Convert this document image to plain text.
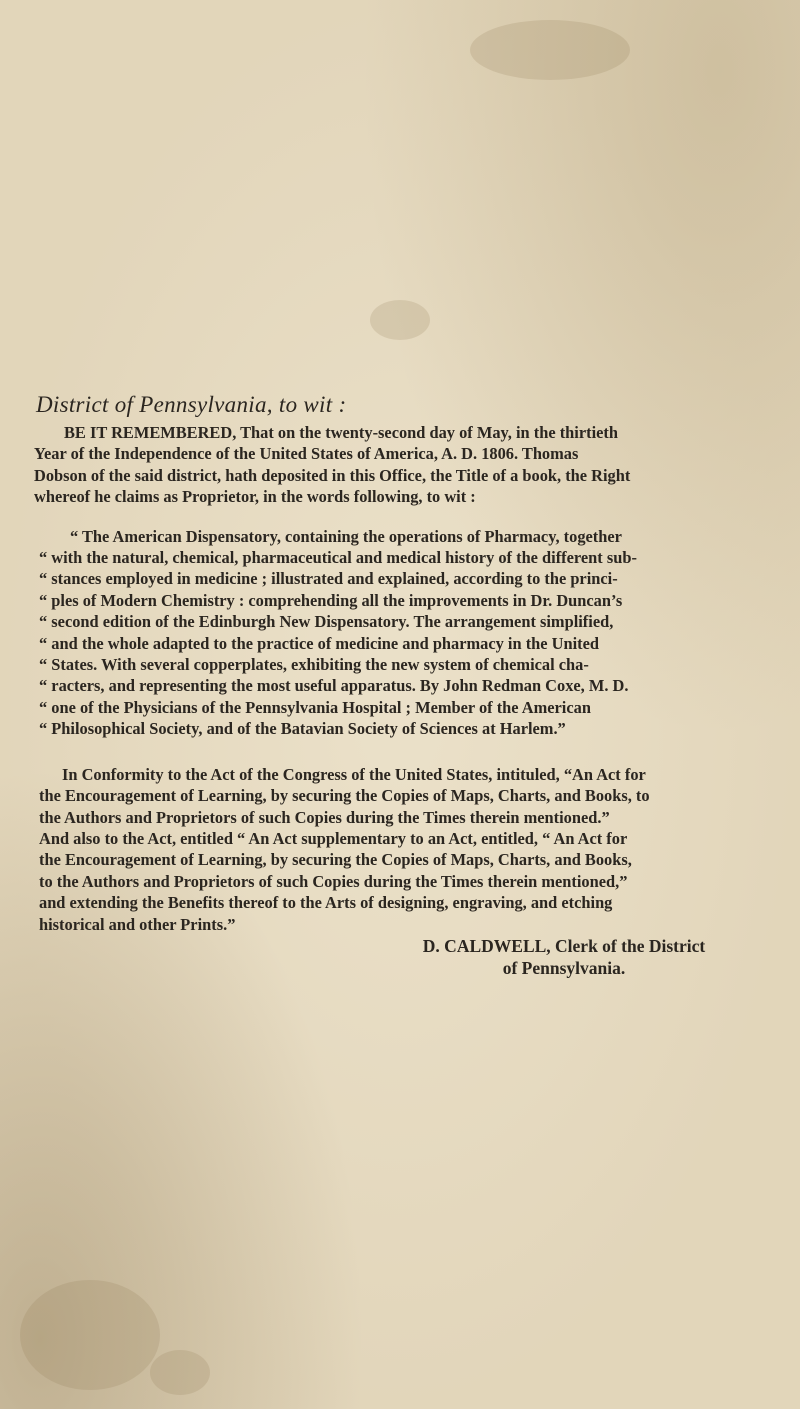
District of Pennsylvania, to wit :
BE IT REMEMBERED, That on the twenty-second day of May, in the thirtieth
Year of the Independence of the United States of America, A. D. 1806. Thomas
Dobson of the said district, hath deposited in this Office, the Title of a book, the Right
whereof he claims as Proprietor, in the words following, to wit :
“ The American Dispensatory, containing the operations of Pharmacy, together
“ with the natural, chemical, pharmaceutical and medical history of the different sub-
“ stances employed in medicine ; illustrated and explained, according to the princi-
“ ples of Modern Chemistry : comprehending all the improvements in Dr. Duncan’s
“ second edition of the Edinburgh New Dispensatory. The arrangement simplified,
“ and the whole adapted to the practice of medicine and pharmacy in the United
“ States. With several copperplates, exhibiting the new system of chemical cha-
“ racters, and representing the most useful apparatus. By John Redman Coxe, M. D.
“ one of the Physicians of the Pennsylvania Hospital ; Member of the American
“ Philosophical Society, and of the Batavian Society of Sciences at Harlem.”
In Conformity to the Act of the Congress of the United States, intituled, “An Act for
the Encouragement of Learning, by securing the Copies of Maps, Charts, and Books, to
the Authors and Proprietors of such Copies during the Times therein mentioned.”
And also to the Act, entitled “ An Act supplementary to an Act, entitled, “ An Act for
the Encouragement of Learning, by securing the Copies of Maps, Charts, and Books,
to the Authors and Proprietors of such Copies during the Times therein mentioned,”
and extending the Benefits thereof to the Arts of designing, engraving, and etching
historical and other Prints.”
D. CALDWELL, Clerk of the District
of Pennsylvania.
